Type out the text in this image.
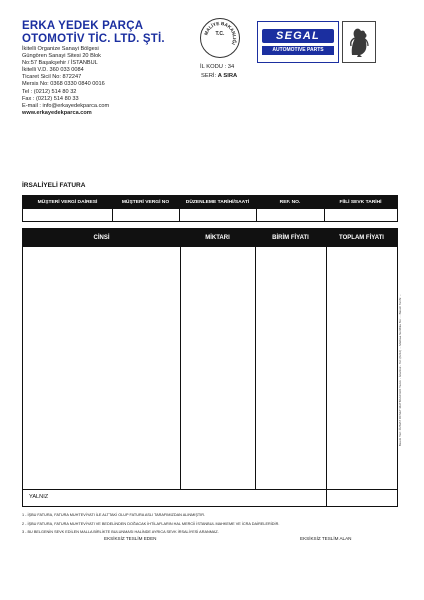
ERKA YEDEK PARÇA
OTOMOTİV TİC. LTD. ŞTİ.
İkitelli Organize Sanayi Bölgesi
Güngören Sanayi Sitesi 20 Blok
No:57 Başakşehir / İSTANBUL
İkitelli V.D. 360 033 0084
Ticaret Sicil No: 872247
Mersis No: 0368 0330 0840 0016
Tel : (0212) 514 80 32
Fax : (0212) 514 80 33
E-mail : info@erkayedekparca.com
www.erkayedekparca.com
MALİYE BAKANLIĞI
T.C.
İL KODU : 34
SERİ: A SIRA
SEGAL
AUTOMOTIVE PARTS
İRSALİYELİ FATURA
MÜŞTERİ VERGİ DAİRESİ	MÜŞTERİ VERGİ NO	DÜZENLEME TARİHİ/SAATİ	REF. NO.	FİİLİ SEVK TARİHİ
CİNSİ	MİKTARI	BİRİM FİYATI	TOPLAM FİYATI
YALNIZ
1 - İŞBU FATURA, FATURA MUHTEVİYATI İLE ALTTAKİ OLUP FATURA ASLI TARAFIMIZDAN ALINMIŞTIR.
2 - İŞBU FATURA, FATURA MUHTEVİYATI VE BEDELİNDEN DOĞACAK İHTİLAFLARIN HAL MERCİİ İSTANBUL MAHKEME VE İCRA DAİRELERİDİR.
3 - BU BELGENİN SEVK EDİLEN MALLA BİRLİKTE BULUNMASI HALİNDE AYRICA SEVK İRSALİYESİ ARANMAZ.
EKSİKSİZ TESLİM EDEN	EKSİKSİZ TESLİM ALAN
Basım Yeri: ÖZMAT OFSET MATBAACILIK Yazıcı - İstanbul - Tel: (0212) ... Matbaa Sertifika No: ... Basım Tarihi: ...
